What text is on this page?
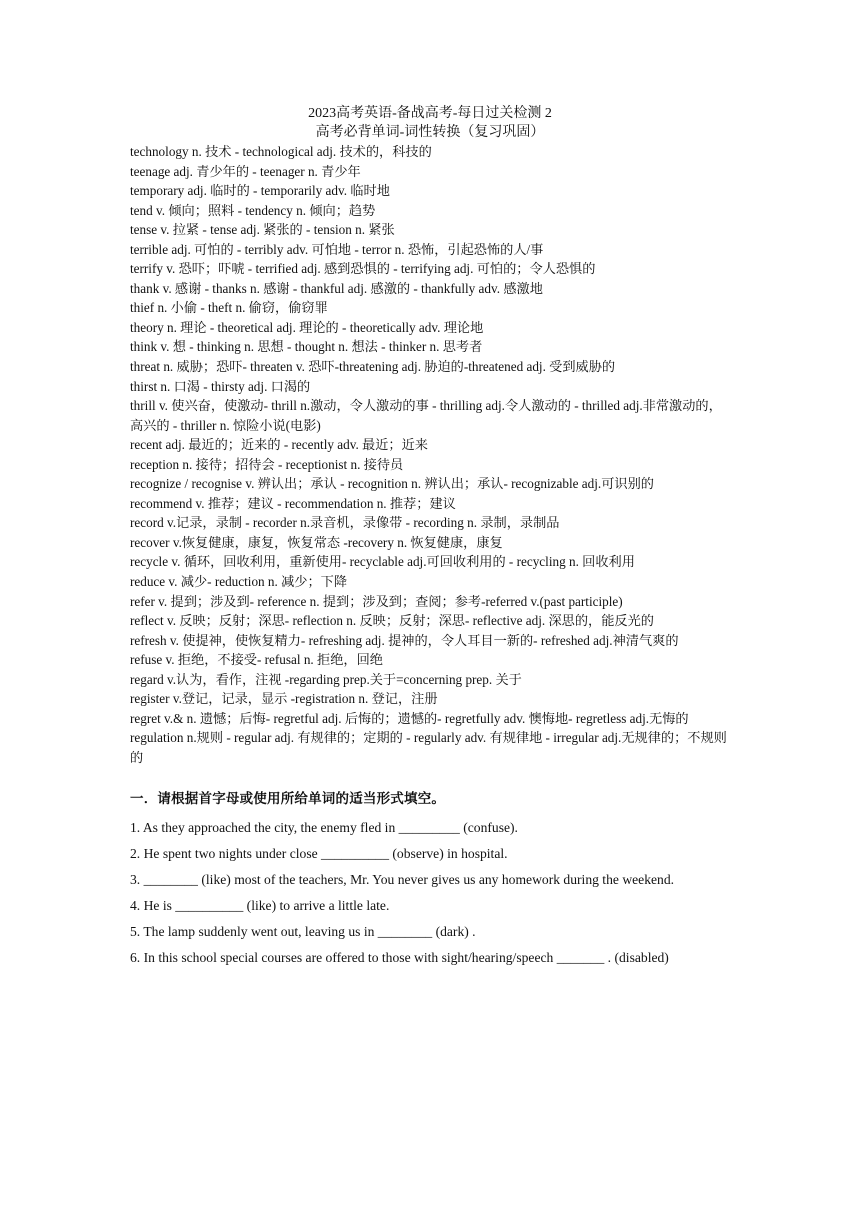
2023高考英语-备战高考-每日过关检测 2
高考必背单词-词性转换（复习巩固）
technology n. 技术 - technological adj. 技术的，科技的
teenage adj. 青少年的 - teenager n. 青少年
temporary adj. 临时的 - temporarily adv. 临时地
tend v. 倾向；照料 - tendency n. 倾向；趋势
tense v. 拉紧 - tense adj. 紧张的 - tension n. 紧张
terrible adj. 可怕的 - terribly adv. 可怕地 - terror n. 恐怖，引起恐怖的人/事
terrify v. 恐吓；吓唬 - terrified adj. 感到恐惧的 - terrifying adj. 可怕的；令人恐惧的
thank v. 感谢 - thanks n. 感谢 - thankful adj. 感激的 - thankfully adv. 感激地
thief n. 小偷 - theft n. 偷窃，偷窃罪
theory n. 理论 - theoretical adj. 理论的 - theoretically adv. 理论地
think v. 想 - thinking n. 思想 - thought n. 想法 - thinker n. 思考者
threat n. 威胁；恐吓- threaten v. 恐吓-threatening adj. 胁迫的-threatened adj. 受到威胁的
thirst n. 口渴 - thirsty adj. 口渴的
thrill v. 使兴奋，使激动- thrill n.激动，令人激动的事 - thrilling adj.令人激动的 - thrilled adj.非常激动的，高兴的 - thriller n. 惊险小说(电影)
recent adj. 最近的；近来的 - recently adv. 最近；近来
reception n. 接待；招待会 - receptionist n. 接待员
recognize / recognise v. 辨认出；承认 - recognition n. 辨认出；承认- recognizable adj.可识别的
recommend v. 推荐；建议 - recommendation n. 推荐；建议
record v.记录，录制 - recorder n.录音机，录像带 - recording n. 录制，录制品
recover v.恢复健康，康复，恢复常态 -recovery n. 恢复健康，康复
recycle v. 循环，回收利用，重新使用- recyclable adj.可回收利用的 - recycling n. 回收利用
reduce v. 减少- reduction n. 减少；下降
refer v. 提到；涉及到- reference n. 提到；涉及到；查阅；参考-referred v.(past participle)
reflect v. 反映；反射；深思- reflection n. 反映；反射；深思- reflective adj. 深思的，能反光的
refresh v. 使提神，使恢复精力- refreshing adj. 提神的，令人耳目一新的- refreshed adj.神清气爽的
refuse v. 拒绝，不接受- refusal n. 拒绝，回绝
regard v.认为，看作，注视 -regarding prep.关于=concerning prep. 关于
register v.登记，记录，显示 -registration n. 登记，注册
regret v.& n. 遗憾；后悔- regretful adj. 后悔的；遗憾的- regretfully adv. 懊悔地- regretless adj.无悔的
regulation n.规则 - regular adj. 有规律的；定期的 - regularly adv. 有规律地 - irregular adj.无规律的；不规则的
一．请根据首字母或使用所给单词的适当形式填空。
1. As they approached the city, the enemy fled in _________ (confuse).
2. He spent two nights under close __________ (observe) in hospital.
3. ________ (like) most of the teachers, Mr. You never gives us any homework during the weekend.
4. He is __________ (like) to arrive a little late.
5. The lamp suddenly went out, leaving us in ________ (dark) .
6. In this school special courses are offered to those with sight/hearing/speech _______ . (disabled)
